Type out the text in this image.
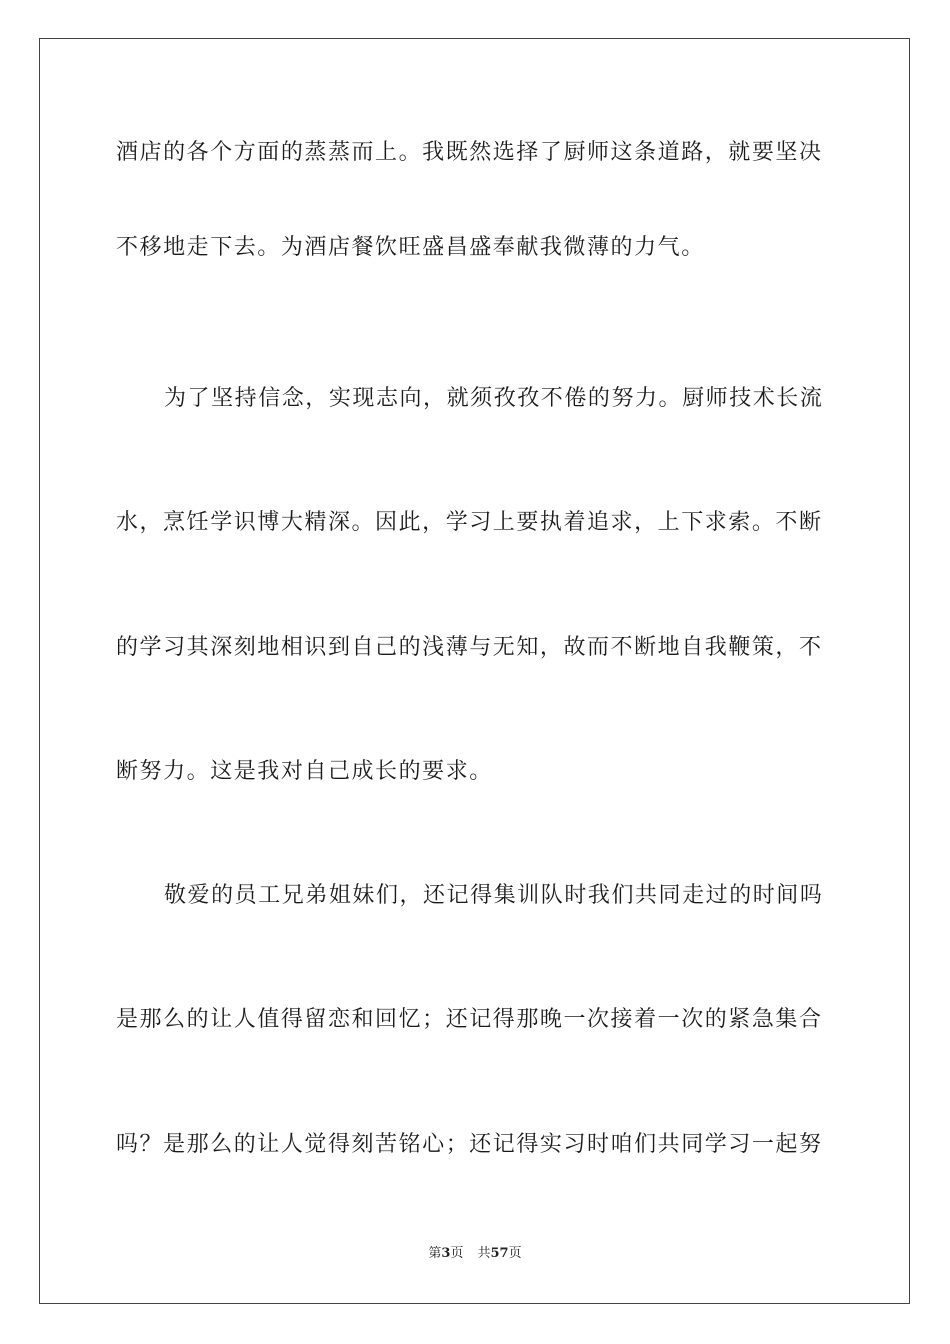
酒店的各个方面的蒸蒸而上。我既然选择了厨师这条道路，就要坚决
不移地走下去。为酒店餐饮旺盛昌盛奉献我微薄的力气。
为了坚持信念，实现志向，就须孜孜不倦的努力。厨师技术长流
水，烹饪学识博大精深。因此，学习上要执着追求，上下求索。不断
的学习其深刻地相识到自己的浅薄与无知，故而不断地自我鞭策，不
断努力。这是我对自己成长的要求。
敬爱的员工兄弟姐妹们，还记得集训队时我们共同走过的时间吗
是那么的让人值得留恋和回忆；还记得那晚一次接着一次的紧急集合
吗？是那么的让人觉得刻苦铭心；还记得实习时咱们共同学习一起努
第3页 共57页
